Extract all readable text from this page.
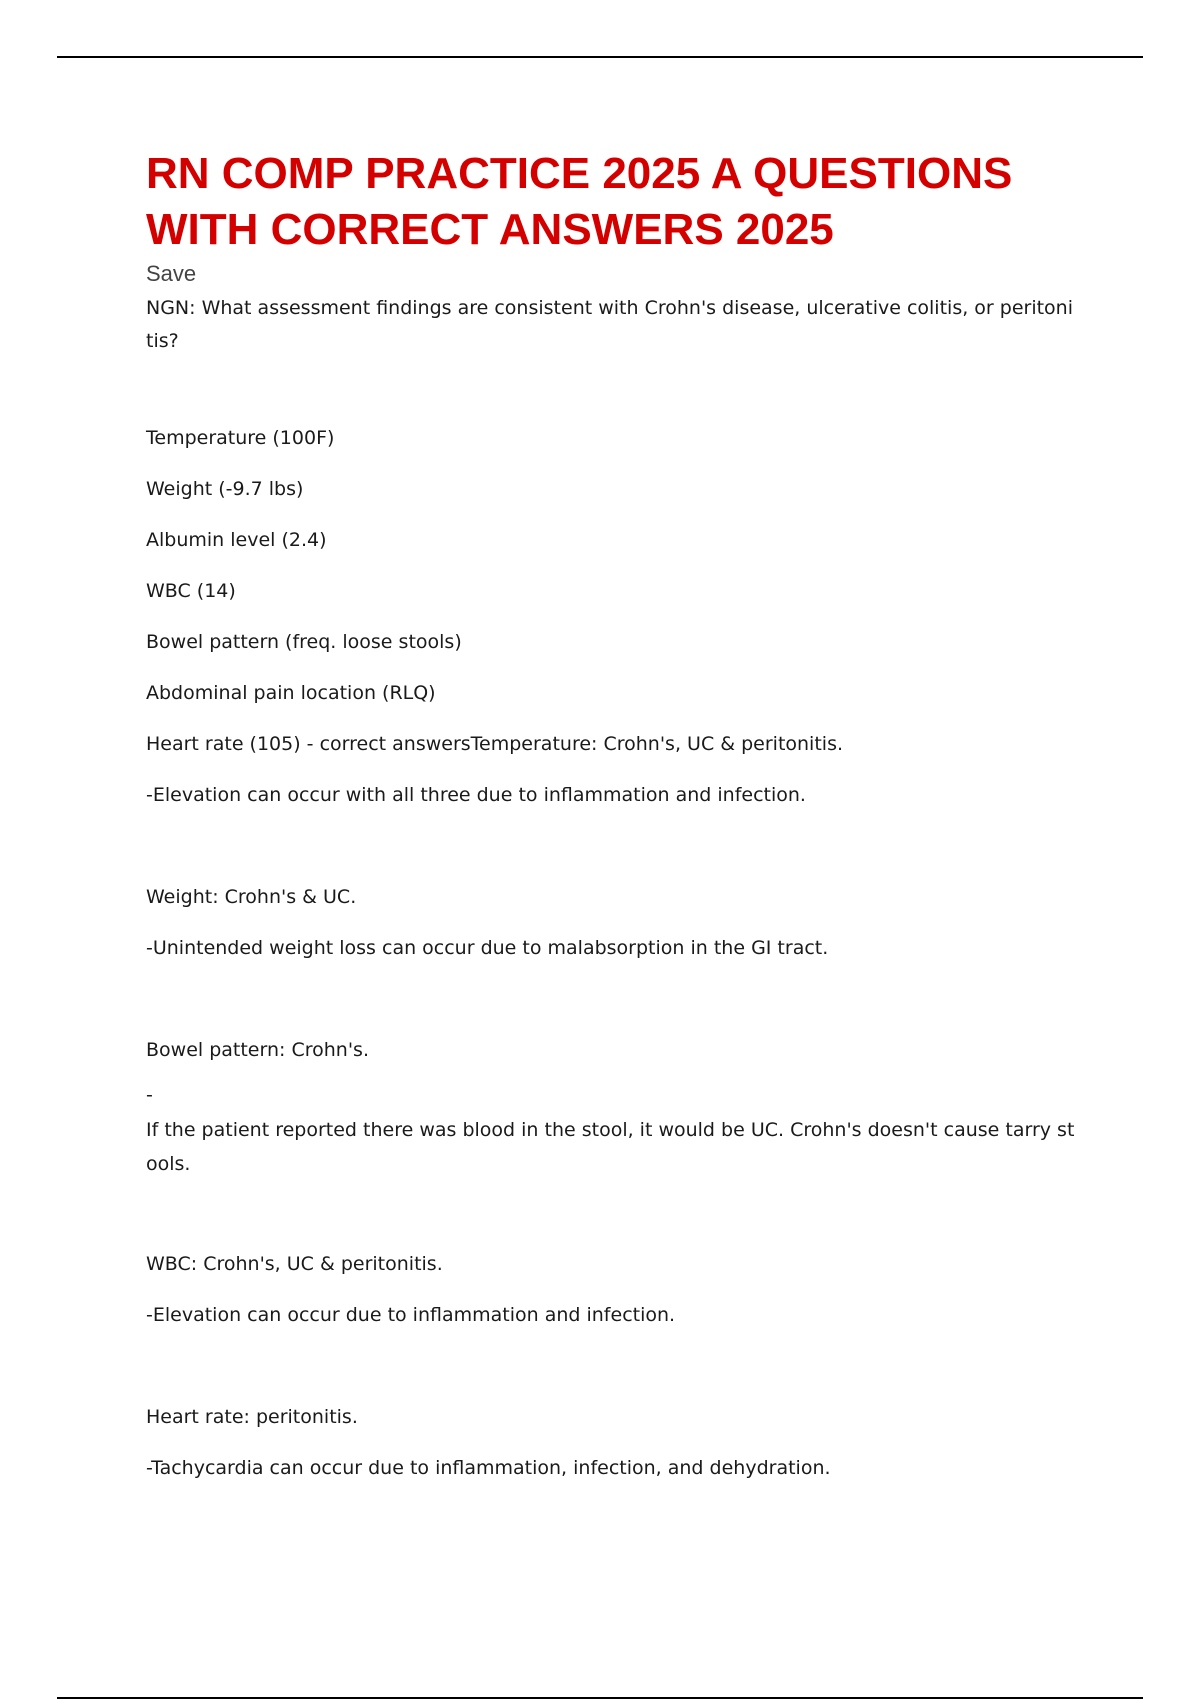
RN COMP PRACTICE 2025 A QUESTIONS WITH CORRECT ANSWERS 2025
Save
NGN: What assessment findings are consistent with Crohn's disease, ulcerative colitis, or peritonitis?
Temperature (100F)
Weight (-9.7 lbs)
Albumin level (2.4)
WBC (14)
Bowel pattern (freq. loose stools)
Abdominal pain location (RLQ)
Heart rate (105) - correct answersTemperature: Crohn's, UC & peritonitis.
-Elevation can occur with all three due to inflammation and infection.
Weight: Crohn's & UC.
-Unintended weight loss can occur due to malabsorption in the GI tract.
Bowel pattern: Crohn's.
-
If the patient reported there was blood in the stool, it would be UC. Crohn's doesn't cause tarry stools.
WBC: Crohn's, UC & peritonitis.
-Elevation can occur due to inflammation and infection.
Heart rate: peritonitis.
-Tachycardia can occur due to inflammation, infection, and dehydration.
